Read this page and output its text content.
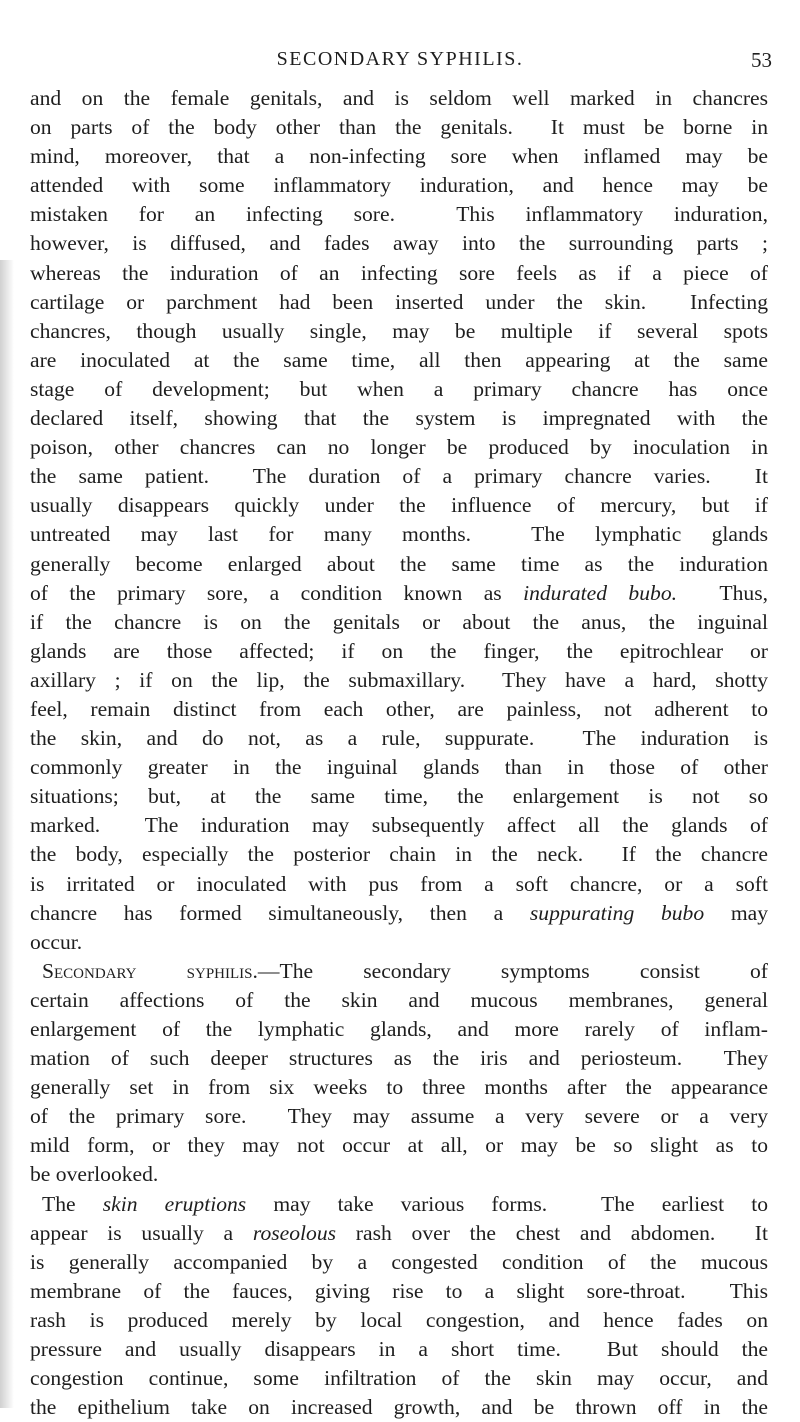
SECONDARY SYPHILIS.	53
and on the female genitals, and is seldom well marked in chancres
on parts of the body other than the genitals.  It must be borne in
mind, moreover, that a non-infecting sore when inflamed may be
attended with some inflammatory induration, and hence may be
mistaken for an infecting sore.  This inflammatory induration,
however, is diffused, and fades away into the surrounding parts ;
whereas the induration of an infecting sore feels as if a piece of
cartilage or parchment had been inserted under the skin.  Infecting
chancres, though usually single, may be multiple if several spots
are inoculated at the same time, all then appearing at the same
stage of development; but when a primary chancre has once
declared itself, showing that the system is impregnated with the
poison, other chancres can no longer be produced by inoculation in
the same patient.  The duration of a primary chancre varies.  It
usually disappears quickly under the influence of mercury, but if
untreated may last for many months.  The lymphatic glands
generally become enlarged about the same time as the induration
of the primary sore, a condition known as indurated bubo.  Thus,
if the chancre is on the genitals or about the anus, the inguinal
glands are those affected; if on the finger, the epitrochlear or
axillary ; if on the lip, the submaxillary.  They have a hard, shotty
feel, remain distinct from each other, are painless, not adherent to
the skin, and do not, as a rule, suppurate.  The induration is
commonly greater in the inguinal glands than in those of other
situations; but, at the same time, the enlargement is not so
marked.  The induration may subsequently affect all the glands of
the body, especially the posterior chain in the neck.  If the chancre
is irritated or inoculated with pus from a soft chancre, or a soft
chancre has formed simultaneously, then a suppurating bubo may
occur.
Secondary syphilis.—The secondary symptoms consist of
certain affections of the skin and mucous membranes, general
enlargement of the lymphatic glands, and more rarely of inflam-
mation of such deeper structures as the iris and periosteum.  They
generally set in from six weeks to three months after the appearance
of the primary sore.  They may assume a very severe or a very
mild form, or they may not occur at all, or may be so slight as to
be overlooked.
The skin eruptions may take various forms.  The earliest to
appear is usually a roseolous rash over the chest and abdomen.  It
is generally accompanied by a congested condition of the mucous
membrane of the fauces, giving rise to a slight sore-throat.  This
rash is produced merely by local congestion, and hence fades on
pressure and usually disappears in a short time.  But should the
congestion continue, some infiltration of the skin may occur, and
the epithelium take on increased growth, and be thrown off in the
